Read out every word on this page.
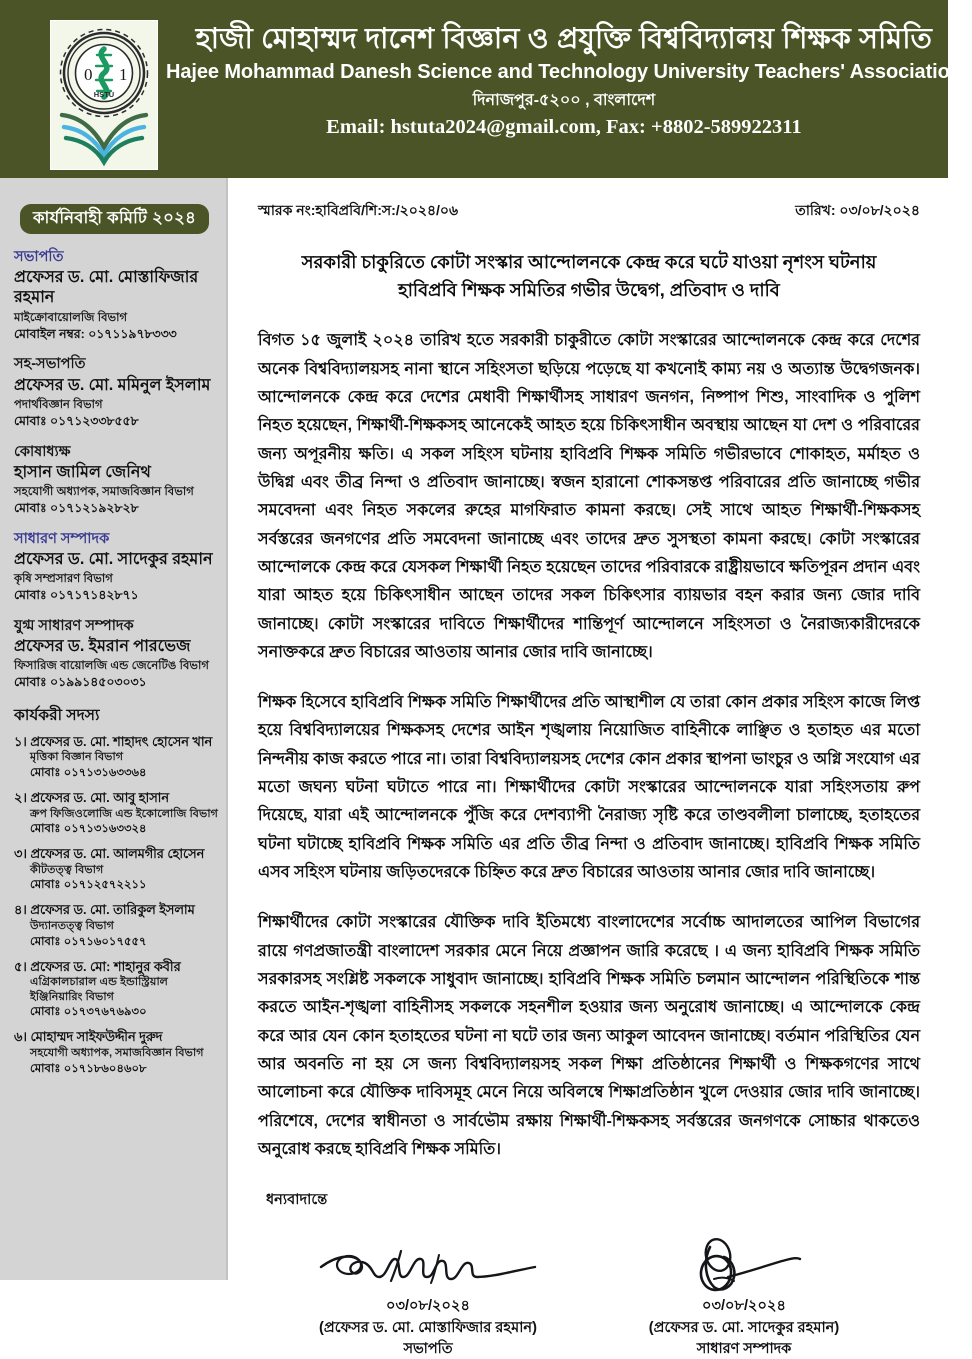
0 1
HSTU
হাজী মোহাম্মদ দানেশ বিজ্ঞান ও প্রযুক্তি বিশ্ববিদ্যালয় শিক্ষক সমিতি
Hajee Mohammad Danesh Science and Technology University Teachers' Association
দিনাজপুর-৫২০০ , বাংলাদেশ
Email: hstuta2024@gmail.com, Fax: +8802-589922311
কার্যনিবাহী কমিটি ২০২৪
সভাপতি
প্রফেসর ড. মো. মোস্তাফিজার রহমান
মাইক্রোবায়োলজি বিভাগ
মোবাইল নম্বর: ০১৭১১৯৭৮৩৩৩
সহ-সভাপতি
প্রফেসর ড. মো. মমিনুল ইসলাম
পদার্থবিজ্ঞান বিভাগ
মোবাঃ ০১৭১২৩৩৮৫৫৮
কোষাধ্যক্ষ
হাসান জামিল জেনিথ
সহযোগী অধ্যাপক, সমাজবিজ্ঞান বিভাগ
মোবাঃ ০১৭১২১৯২৮২৮
সাধারণ সম্পাদক
প্রফেসর ড. মো. সাদেকুর রহমান
কৃষি সম্প্রসারণ বিভাগ
মোবাঃ ০১৭১৭১৪২৮৭১
যুগ্ম সাধারণ সম্পাদক
প্রফেসর ড. ইমরান পারভেজ
ফিসারিজ বায়োলজি এন্ড জেনেটিঙ বিভাগ
মোবাঃ ০১৯৯১৪৫০৩০৩১
কার্যকরী সদস্য
১। প্রফেসর ড. মো. শাহাদৎ হোসেন খান
মৃত্তিকা বিজ্ঞান বিভাগ
মোবাঃ ০১৭১৩১৬৩৩৬৪
২। প্রফেসর ড. মো. আবু হাসান
ক্রপ ফিজিওলোজি এন্ড ইকোলোজি বিভাগ
মোবাঃ ০১৭১৩১৬৩৩২৪
৩। প্রফেসর ড. মো. আলমগীর হোসেন
কীটতত্ত্ব বিভাগ
মোবাঃ ০১৭১২৫৭২২১১
৪। প্রফেসর ড. মো. তারিকুল ইসলাম
উদ্যানতত্ত্ব বিভাগ
মোবাঃ ০১৭১৬০১৭৫৫৭
৫। প্রফেসর ড. মো: শাহানুর কবীর
এগ্রিকালচারাল এন্ড ইন্ডাস্ট্রিয়াল ইঞ্জিনিয়ারিং বিভাগ
মোবাঃ ০১৭৩৭৬৭৬৯৩০
৬। মোহাম্মদ সাইফউদ্দীন দুরুদ
সহযোগী অধ্যাপক, সমাজবিজ্ঞান বিভাগ
মোবাঃ ০১৭১৮৬০৪৬০৮
স্মারক নং:হাবিপ্রবি/শি:স:/২০২৪/০৬	তারিখ: ০৩/০৮/২০২৪
সরকারী চাকুরিতে কোটা সংস্কার আন্দোলনকে কেন্দ্র করে ঘটে যাওয়া নৃশংস ঘটনায়
হাবিপ্রবি শিক্ষক সমিতির গভীর উদ্বেগ, প্রতিবাদ ও দাবি

বিগত ১৫ জুলাই ২০২৪ তারিখ হতে সরকারী চাকুরীতে কোটা সংস্কারের আন্দোলনকে কেন্দ্র করে দেশের অনেক বিশ্ববিদ্যালয়সহ নানা স্থানে সহিংসতা ছড়িয়ে পড়েছে যা কখনোই কাম্য নয় ও অত্যান্ত উদ্বেগজনক। আন্দোলনকে কেন্দ্র করে দেশের মেধাবী শিক্ষার্থীসহ সাধারণ জনগন, নিষ্পাপ শিশু, সাংবাদিক ও পুলিশ নিহত হয়েছেন, শিক্ষার্থী-শিক্ষকসহ আনেকেই আহত হয়ে চিকিৎসাধীন অবস্থায় আছেন যা দেশ ও পরিবারের জন্য অপূরনীয় ক্ষতি। এ সকল সহিংস ঘটনায় হাবিপ্রবি শিক্ষক সমিতি গভীরভাবে শোকাহত, মর্মাহত ও উদ্বিগ্ন এবং তীব্র নিন্দা ও প্রতিবাদ জানাচ্ছে। স্বজন হারানো শোকসন্তপ্ত পরিবারের প্রতি জানাচ্ছে গভীর সমবেদনা এবং নিহত সকলের রুহের মাগফিরাত কামনা করছে। সেই সাথে আহত শিক্ষার্থী-শিক্ষকসহ সর্বস্তরের জনগণের প্রতি সমবেদনা জানাচ্ছে এবং তাদের দ্রুত সুসস্থতা কামনা করছে। কোটা সংস্কারের আন্দোলকে কেন্দ্র করে যেসকল শিক্ষার্থী নিহত হয়েছেন তাদের পরিবারকে রাষ্ট্রীয়ভাবে ক্ষতিপূরন প্রদান এবং যারা আহত হয়ে চিকিৎসাধীন আছেন তাদের সকল চিকিৎসার ব্যায়ভার বহন করার জন্য জোর দাবি জানাচ্ছে। কোটা সংস্কারের দাবিতে শিক্ষার্থীদের শান্তিপূর্ণ আন্দোলনে সহিংসতা ও নৈরাজ্যকারীদেরকে সনাক্তকরে দ্রুত বিচারের আওতায় আনার জোর দাবি জানাচ্ছে।

শিক্ষক হিসেবে হাবিপ্রবি শিক্ষক সমিতি শিক্ষার্থীদের প্রতি আস্থাশীল যে তারা কোন প্রকার সহিংস কাজে লিপ্ত হয়ে বিশ্ববিদ্যালয়ের শিক্ষকসহ দেশের আইন শৃঙ্খলায় নিয়োজিত বাহিনীকে লাঞ্ছিত ও হতাহত এর মতো নিন্দনীয় কাজ করতে পারে না। তারা বিশ্ববিদ্যালয়সহ দেশের কোন প্রকার স্থাপনা ভাংচুর ও অগ্নি সংযোগ এর মতো জঘন্য ঘটনা ঘটাতে পারে না। শিক্ষার্থীদের কোটা সংস্কারের আন্দোলনকে যারা সহিংসতায় রুপ দিয়েছে, যারা এই আন্দোলনকে পুঁজি করে দেশব্যাপী নৈরাজ্য সৃষ্টি করে তাণ্ডবলীলা চালাচ্ছে, হতাহতের ঘটনা ঘটাচ্ছে হাবিপ্রবি শিক্ষক সমিতি এর প্রতি তীব্র নিন্দা ও প্রতিবাদ জানাচ্ছে। হাবিপ্রবি শিক্ষক সমিতি এসব সহিংস ঘটনায় জড়িতদেরকে চিহ্নিত করে দ্রুত বিচারের আওতায় আনার জোর দাবি জানাচ্ছে।

শিক্ষার্থীদের কোটা সংস্কারের যৌক্তিক দাবি ইতিমধ্যে বাংলাদেশের সর্বোচ্চ আদালতের আপিল বিভাগের রায়ে গণপ্রজাতন্ত্রী বাংলাদেশ সরকার মেনে নিয়ে প্রজ্ঞাপন জারি করেছে । এ জন্য হাবিপ্রবি শিক্ষক সমিতি সরকারসহ সংশ্লিষ্ট সকলকে সাধুবাদ জানাচ্ছে। হাবিপ্রবি শিক্ষক সমিতি চলমান আন্দোলন পরিস্থিতিকে শান্ত করতে আইন-শৃঙ্খলা বাহিনীসহ সকলকে সহনশীল হওয়ার জন্য অনুরোধ জানাচ্ছে। এ আন্দোলকে কেন্দ্র করে আর যেন কোন হতাহতের ঘটনা না ঘটে তার জন্য আকুল আবেদন জানাচ্ছে। বর্তমান পরিস্থিতির যেন আর অবনতি না হয় সে জন্য বিশ্ববিদ্যালয়সহ সকল শিক্ষা প্রতিষ্ঠানের শিক্ষার্থী ও শিক্ষকগণের সাথে আলোচনা করে যৌক্তিক দাবিসমূহ মেনে নিয়ে অবিলম্বে শিক্ষাপ্রতিষ্ঠান খুলে দেওয়ার জোর দাবি জানাচ্ছে। পরিশেষে, দেশের স্বাধীনতা ও সার্বভৌম রক্ষায় শিক্ষার্থী-শিক্ষকসহ সর্বস্তরের জনগণকে সোচ্চার থাকতেও অনুরোধ করছে হাবিপ্রবি শিক্ষক সমিতি।

ধন্যবাদান্তে
০৩/০৮/২০২৪
(প্রফেসর ড. মো. মোস্তাফিজার রহমান)
সভাপতি
০৩/০৮/২০২৪
(প্রফেসর ড. মো. সাদেকুর রহমান)
সাধারণ সম্পাদক
